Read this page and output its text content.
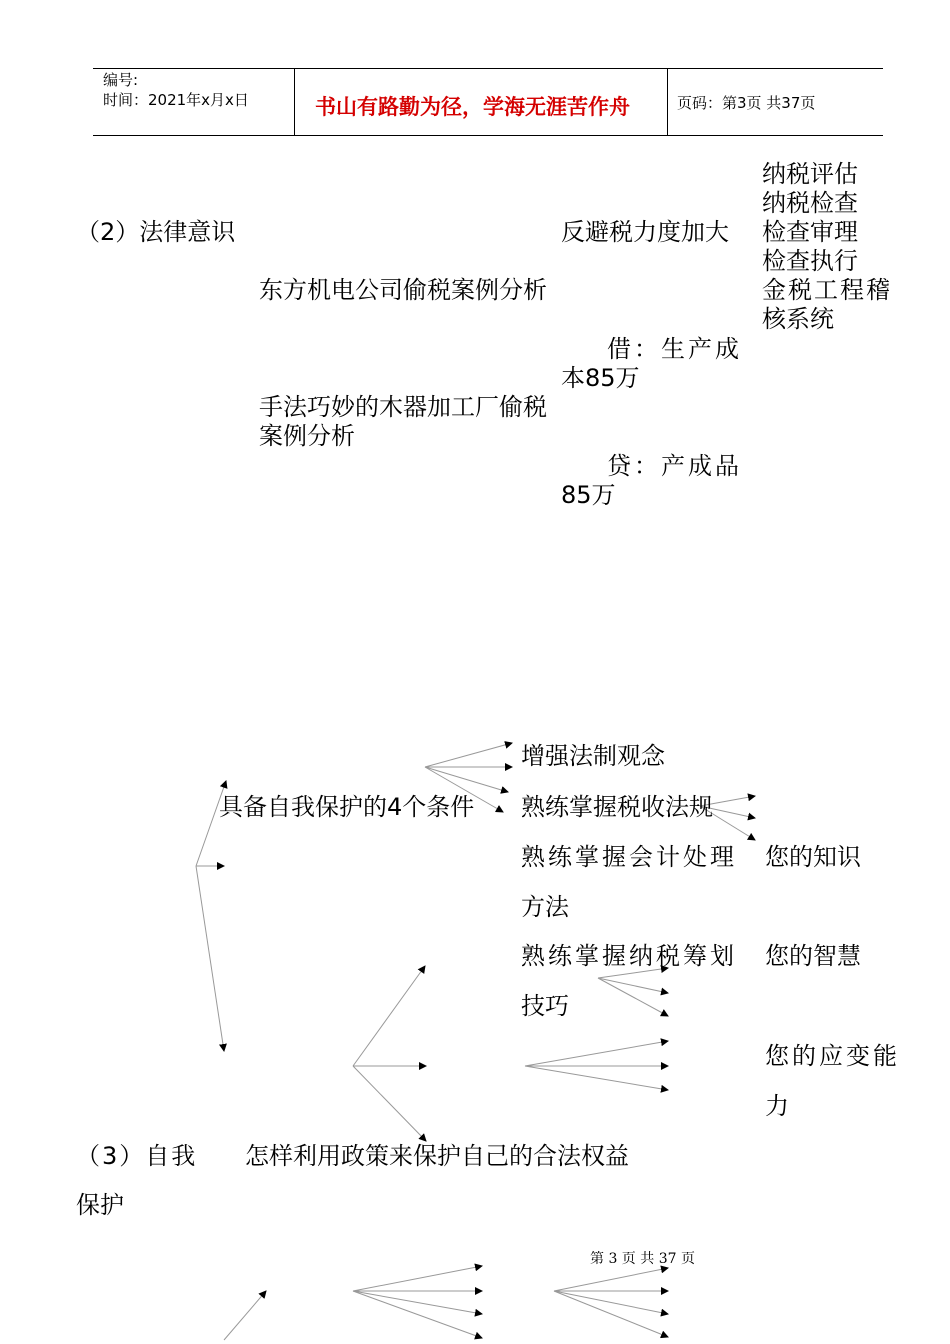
编号:
时间：2021年x月x日	书山有路勤为径，学海无涯苦作舟	页码：第3页 共37页
（2）法律意识	反避税力度加大
东方机电公司偷税案例分析
手法巧妙的木器加工厂偷税案例分析
借：生产成
本85万
贷：产成品
85万
纳税评估
纳税检查
检查审理
检查执行
金税工程稽
核系统
具备自我保护的4个条件
增强法制观念
熟练掌握税收法规
熟练掌握会计处理
方法
熟练掌握纳税筹划
技巧
您的知识
您的智慧
您的应变能
力
（3）自我
保护
怎样利用政策来保护自己的合法权益
第 3 页 共 37 页
